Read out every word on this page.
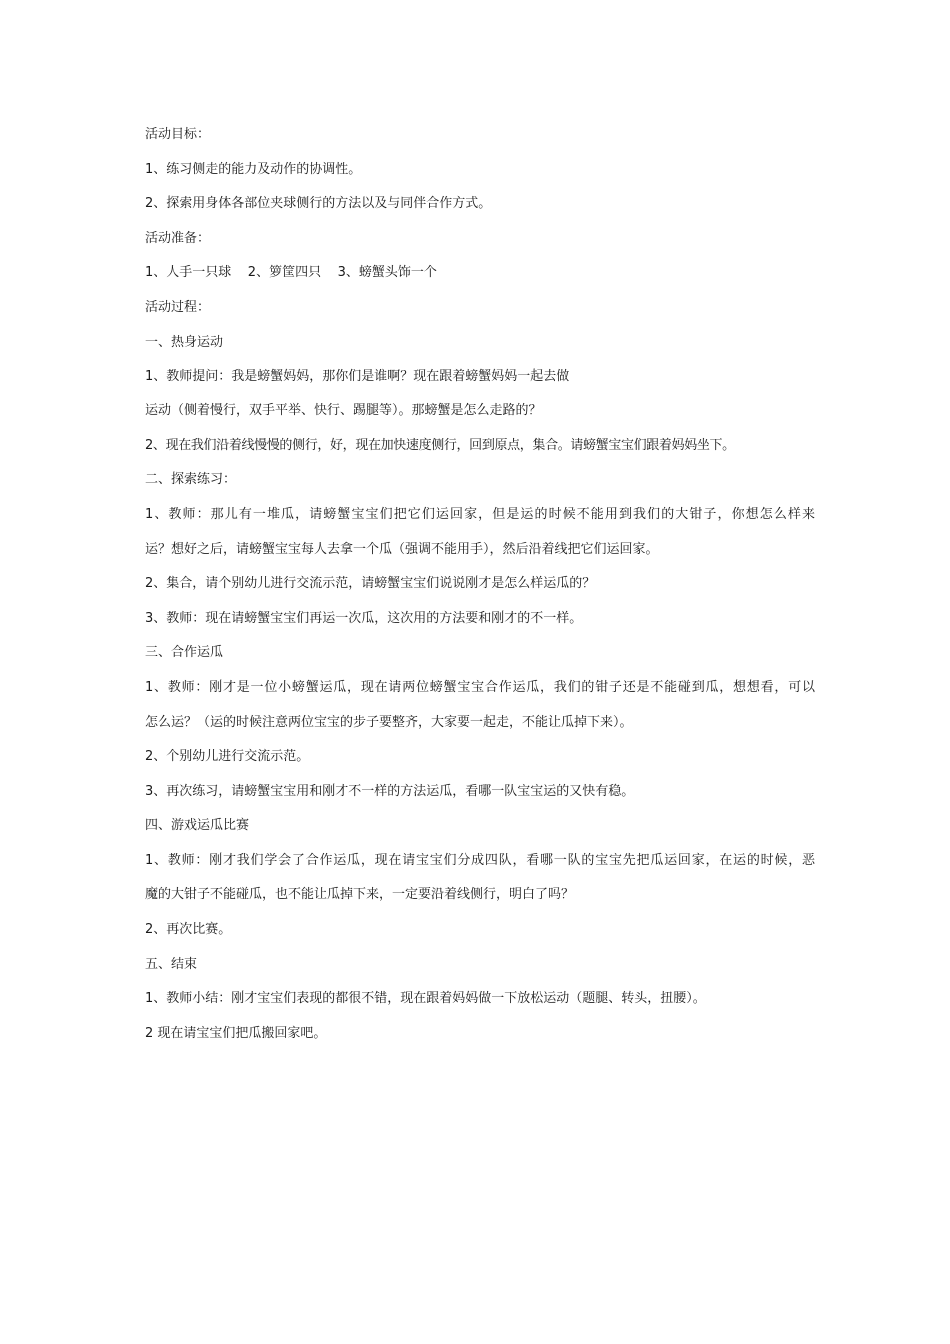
活动目标：
1、练习侧走的能力及动作的协调性。
2、探索用身体各部位夹球侧行的方法以及与同伴合作方式。
活动准备：
1、人手一只球    2、箩筐四只    3、螃蟹头饰一个
活动过程：
一、热身运动
1、教师提问：我是螃蟹妈妈，那你们是谁啊？现在跟着螃蟹妈妈一起去做
运动（侧着慢行，双手平举、快行、踢腿等）。那螃蟹是怎么走路的？
2、现在我们沿着线慢慢的侧行，好，现在加快速度侧行，回到原点，集合。请螃蟹宝宝们跟着妈妈坐下。
二、探索练习：
1、教师：那儿有一堆瓜，请螃蟹宝宝们把它们运回家，但是运的时候不能用到我们的大钳子，你想怎么样来
运？想好之后，请螃蟹宝宝每人去拿一个瓜（强调不能用手），然后沿着线把它们运回家。
2、集合，请个别幼儿进行交流示范，请螃蟹宝宝们说说刚才是怎么样运瓜的？
3、教师：现在请螃蟹宝宝们再运一次瓜，这次用的方法要和刚才的不一样。
三、合作运瓜
1、教师：刚才是一位小螃蟹运瓜，现在请两位螃蟹宝宝合作运瓜，我们的钳子还是不能碰到瓜，想想看，可以
怎么运？（运的时候注意两位宝宝的步子要整齐，大家要一起走，不能让瓜掉下来）。
2、个别幼儿进行交流示范。
3、再次练习，请螃蟹宝宝用和刚才不一样的方法运瓜，看哪一队宝宝运的又快有稳。
四、游戏运瓜比赛
1、教师：刚才我们学会了合作运瓜，现在请宝宝们分成四队，看哪一队的宝宝先把瓜运回家，在运的时候，恶
魔的大钳子不能碰瓜，也不能让瓜掉下来，一定要沿着线侧行，明白了吗？
2、再次比赛。
五、结束
1、教师小结：刚才宝宝们表现的都很不错，现在跟着妈妈做一下放松运动（题腿、转头，扭腰）。
2 现在请宝宝们把瓜搬回家吧。
